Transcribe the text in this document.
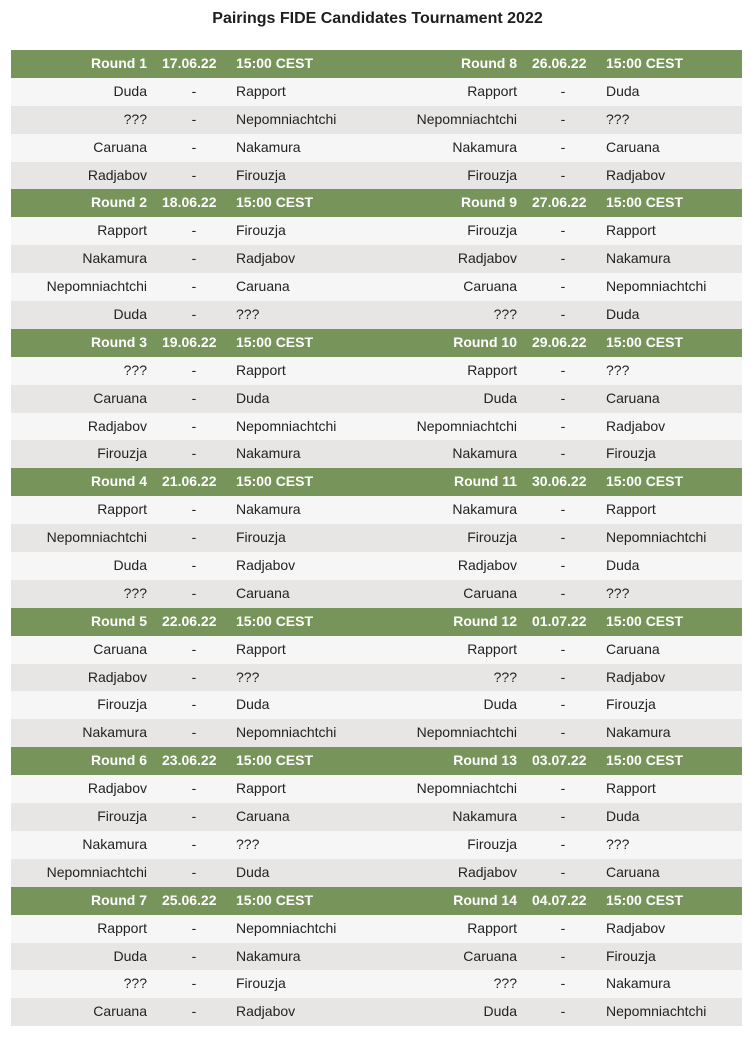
Pairings FIDE Candidates Tournament 2022
Round 1 17.06.22 15:00 CEST	Round 8 26.06.22 15:00 CEST
Duda	-	Rapport	Rapport	-	Duda
???	-	Nepomniachtchi	Nepomniachtchi	-	???
Caruana	-	Nakamura	Nakamura	-	Caruana
Radjabov	-	Firouzja	Firouzja	-	Radjabov
Round 2 18.06.22 15:00 CEST	Round 9 27.06.22 15:00 CEST
Rapport	-	Firouzja	Firouzja	-	Rapport
Nakamura	-	Radjabov	Radjabov	-	Nakamura
Nepomniachtchi	-	Caruana	Caruana	-	Nepomniachtchi
Duda	-	???	???	-	Duda
Round 3 19.06.22 15:00 CEST	Round 10 29.06.22 15:00 CEST
???	-	Rapport	Rapport	-	???
Caruana	-	Duda	Duda	-	Caruana
Radjabov	-	Nepomniachtchi	Nepomniachtchi	-	Radjabov
Firouzja	-	Nakamura	Nakamura	-	Firouzja
Round 4 21.06.22 15:00 CEST	Round 11 30.06.22 15:00 CEST
Rapport	-	Nakamura	Nakamura	-	Rapport
Nepomniachtchi	-	Firouzja	Firouzja	-	Nepomniachtchi
Duda	-	Radjabov	Radjabov	-	Duda
???	-	Caruana	Caruana	-	???
Round 5 22.06.22 15:00 CEST	Round 12 01.07.22 15:00 CEST
Caruana	-	Rapport	Rapport	-	Caruana
Radjabov	-	???	???	-	Radjabov
Firouzja	-	Duda	Duda	-	Firouzja
Nakamura	-	Nepomniachtchi	Nepomniachtchi	-	Nakamura
Round 6 23.06.22 15:00 CEST	Round 13 03.07.22 15:00 CEST
Radjabov	-	Rapport	Nepomniachtchi	-	Rapport
Firouzja	-	Caruana	Nakamura	-	Duda
Nakamura	-	???	Firouzja	-	???
Nepomniachtchi	-	Duda	Radjabov	-	Caruana
Round 7 25.06.22 15:00 CEST	Round 14 04.07.22 15:00 CEST
Rapport	-	Nepomniachtchi	Rapport	-	Radjabov
Duda	-	Nakamura	Caruana	-	Firouzja
???	-	Firouzja	???	-	Nakamura
Caruana	-	Radjabov	Duda	-	Nepomniachtchi
